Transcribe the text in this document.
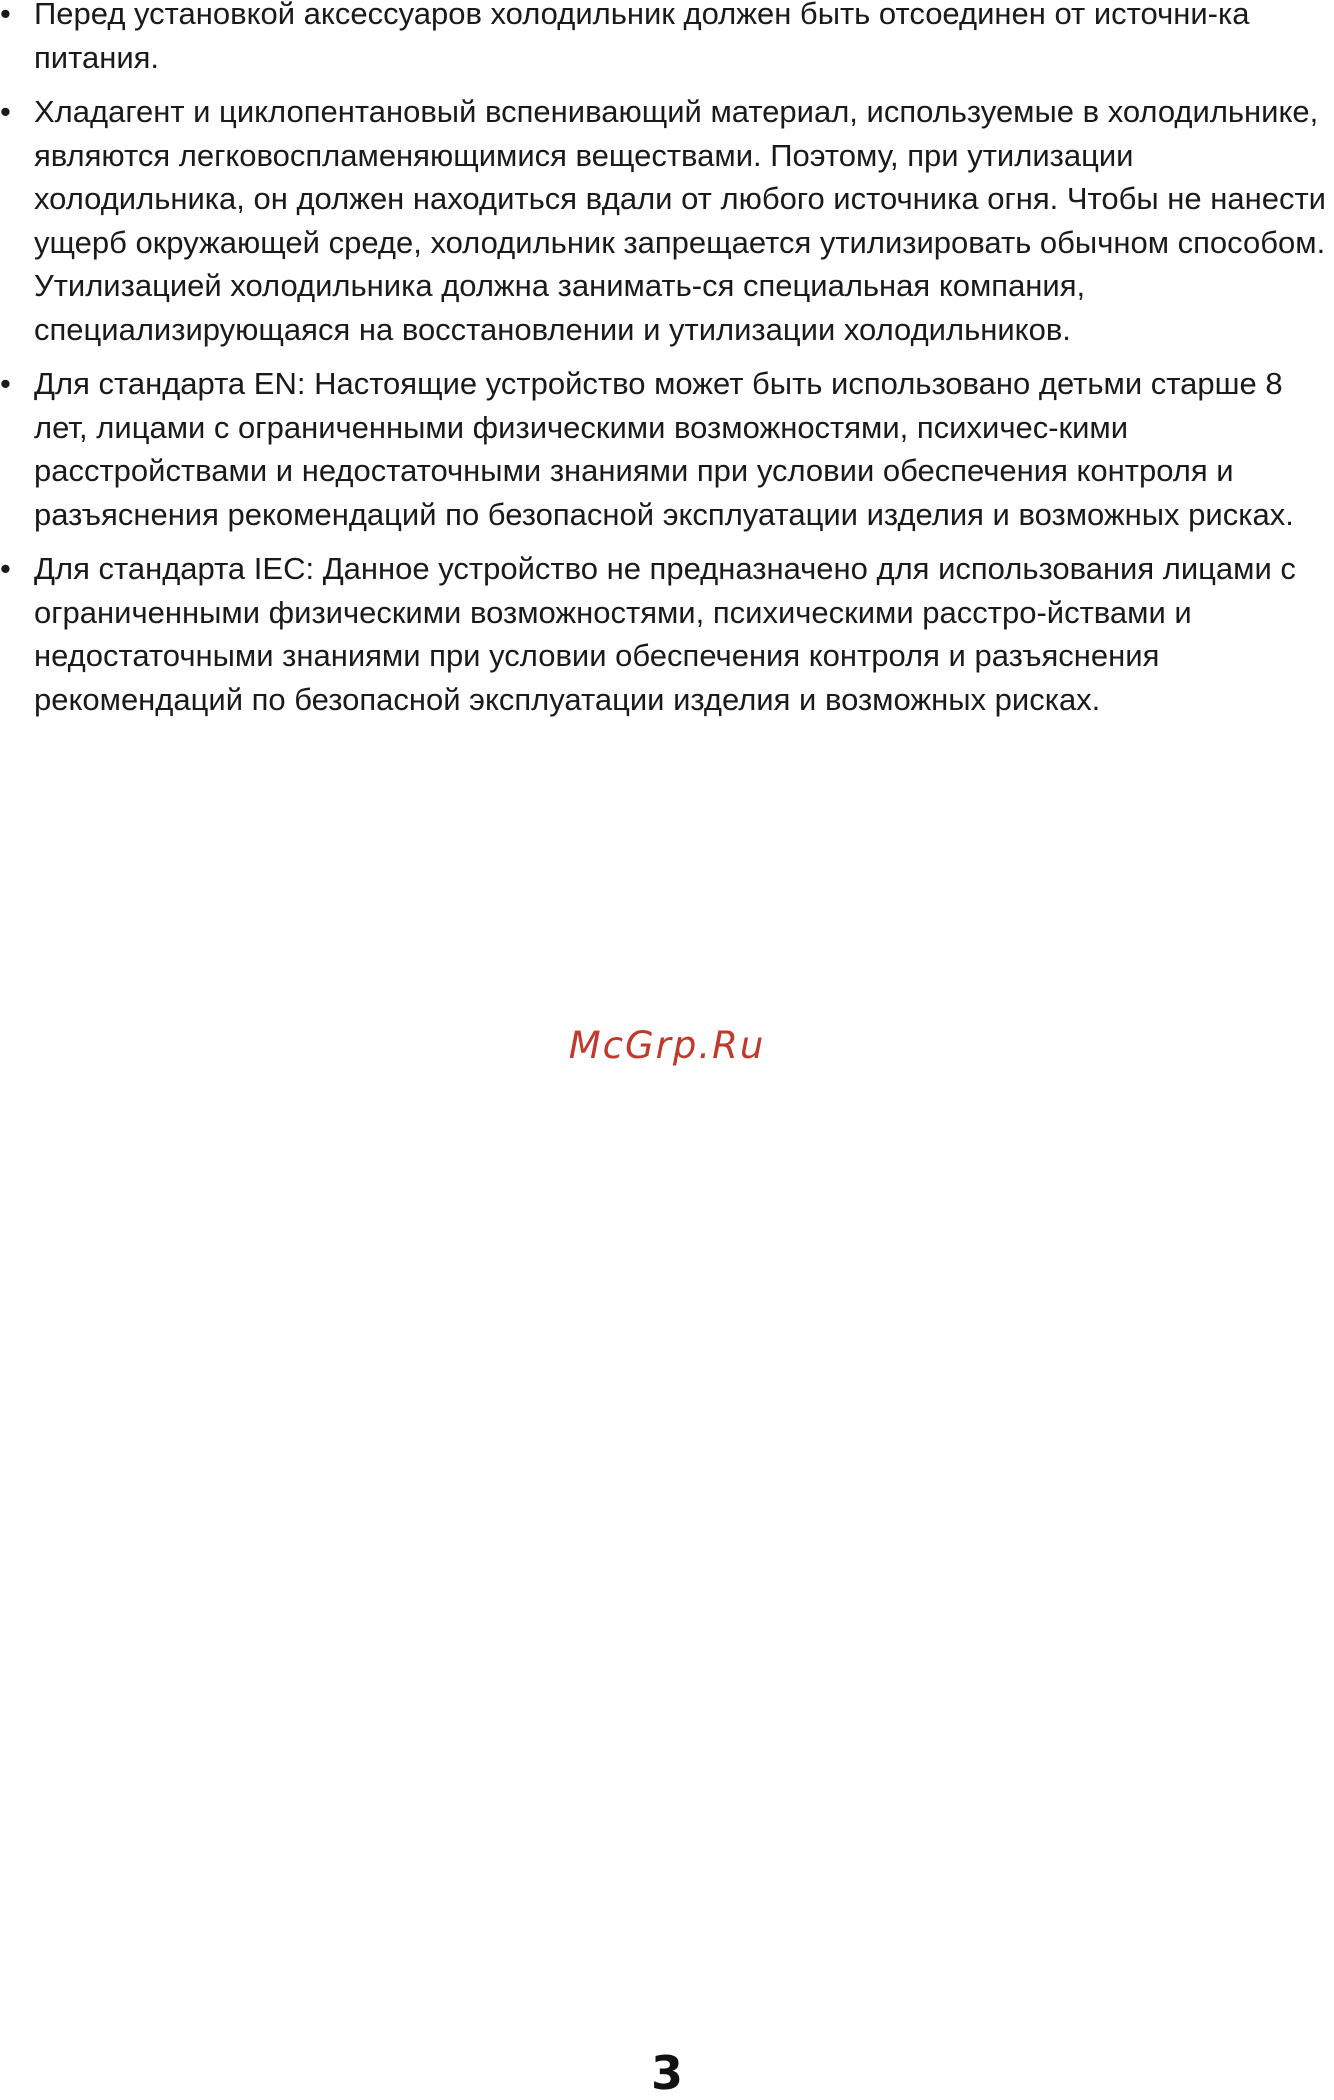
• Перед установкой аксессуаров холодильник должен быть отсоединен от источни-ка питания.
• Хладагент и циклопентановый вспенивающий материал, используемые в холодильнике, являются легковоспламеняющимися веществами. Поэтому, при утилизации холодильника, он должен находиться вдали от любого источника огня. Чтобы не нанести ущерб окружающей среде, холодильник запрещается утилизировать обычном способом. Утилизацией холодильника должна занимать-ся специальная компания, специализирующаяся на восстановлении и утилизации холодильников.
• Для стандарта EN: Настоящие устройство может быть использовано детьми старше 8 лет, лицами с ограниченными физическими возможностями, психичес-кими расстройствами и недостаточными знаниями при условии обеспечения контроля и разъяснения рекомендаций по безопасной эксплуатации изделия и возможных рисках.
• Для стандарта IEC: Данное устройство не предназначено для использования лицами с ограниченными физическими возможностями, психическими расстро-йствами и недостаточными знаниями при условии обеспечения контроля и разъяснения рекомендаций по безопасной эксплуатации изделия и возможных рисках.
McGrp.Ru
3
